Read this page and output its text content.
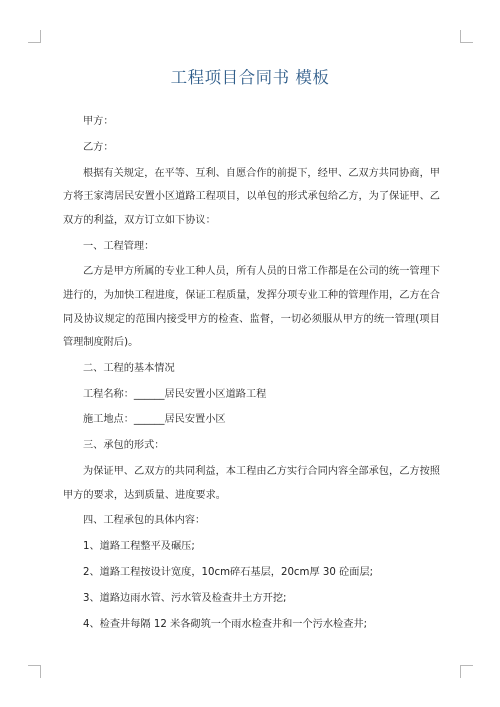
工程项目合同书 模板

甲方：

乙方：

根据有关规定，在平等、互利、自愿合作的前提下，经甲、乙双方共同协商，甲方将王家湾居民安置小区道路工程项目，以单包的形式承包给乙方，为了保证甲、乙双方的利益，双方订立如下协议：

一、工程管理：

乙方是甲方所属的专业工种人员，所有人员的日常工作都是在公司的统一管理下进行的，为加快工程进度，保证工程质量，发挥分项专业工种的管理作用，乙方在合同及协议规定的范围内接受甲方的检查、监督，一切必须服从甲方的统一管理(项目管理制度附后)。

二、工程的基本情况

工程名称：______居民安置小区道路工程

施工地点：______居民安置小区

三、承包的形式：

为保证甲、乙双方的共同利益，本工程由乙方实行合同内容全部承包，乙方按照甲方的要求，达到质量、进度要求。

四、工程承包的具体内容：

1、道路工程整平及碾压;

2、道路工程按设计宽度，10cm碎石基层，20cm厚 30 砼面层;

3、道路边雨水管、污水管及检查井土方开挖;

4、检查井每隔 12 米各砌筑一个雨水检查井和一个污水检查井;
